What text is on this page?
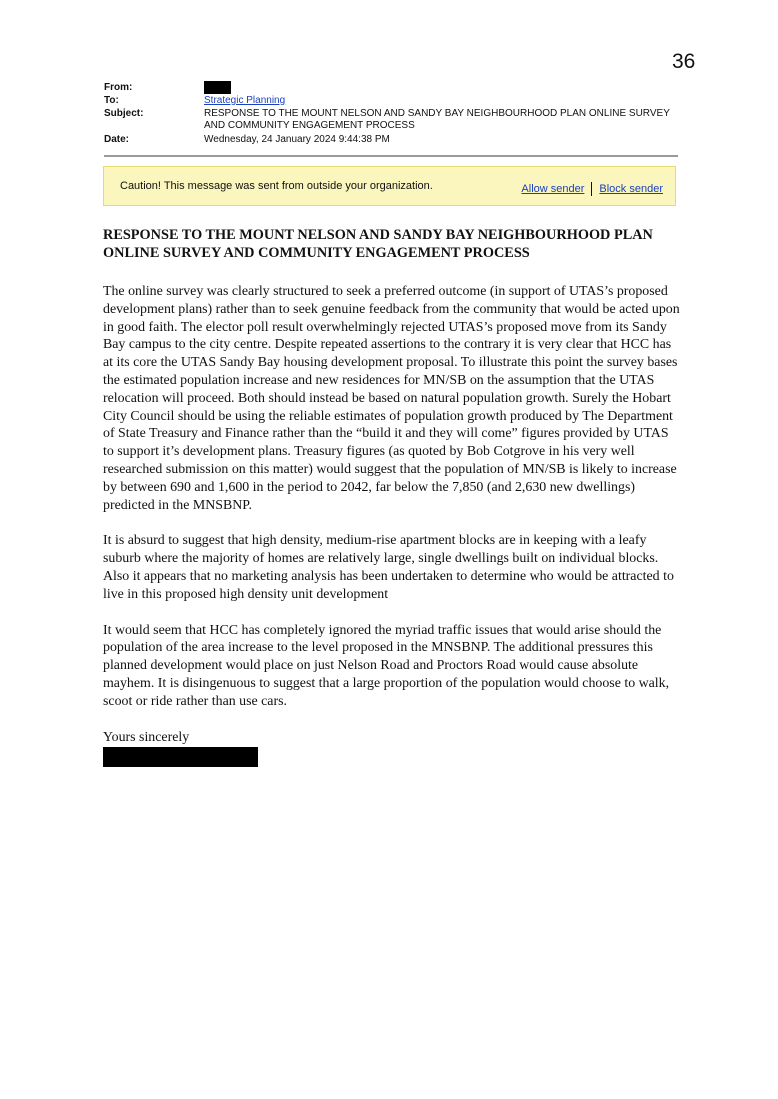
36
From:
To:	Strategic Planning
Subject:	RESPONSE TO THE MOUNT NELSON AND SANDY BAY NEIGHBOURHOOD PLAN ONLINE SURVEY AND COMMUNITY ENGAGEMENT PROCESS
Date:	Wednesday, 24 January 2024 9:44:38 PM
Caution! This message was sent from outside your organization.	Allow sender Block sender

RESPONSE TO THE MOUNT NELSON AND SANDY BAY NEIGHBOURHOOD PLAN ONLINE SURVEY AND COMMUNITY ENGAGEMENT PROCESS

The online survey was clearly structured to seek a preferred outcome (in support of UTAS’s proposed development plans) rather than to seek genuine feedback from the community that would be acted upon in good faith. The elector poll result overwhelmingly rejected UTAS’s proposed move from its Sandy Bay campus to the city centre. Despite repeated assertions to the contrary it is very clear that HCC has at its core the UTAS Sandy Bay housing development proposal. To illustrate this point the survey bases the estimated population increase and new residences for MN/SB on the assumption that the UTAS relocation will proceed. Both should instead be based on natural population growth. Surely the Hobart City Council should be using the reliable estimates of population growth produced by The Department of State Treasury and Finance rather than the “build it and they will come” figures provided by UTAS to support it’s development plans. Treasury figures (as quoted by Bob Cotgrove in his very well researched submission on this matter) would suggest that the population of MN/SB is likely to increase by between 690 and 1,600 in the period to 2042, far below the 7,850 (and 2,630 new dwellings) predicted in the MNSBNP.

It is absurd to suggest that high density, medium-rise apartment blocks are in keeping with a leafy suburb where the majority of homes are relatively large, single dwellings built on individual blocks. Also it appears that no marketing analysis has been undertaken to determine who would be attracted to live in this proposed high density unit development

It would seem that HCC has completely ignored the myriad traffic issues that would arise should the population of the area increase to the level proposed in the MNSBNP. The additional pressures this planned development would place on just Nelson Road and Proctors Road would cause absolute mayhem. It is disingenuous to suggest that a large proportion of the population would choose to walk, scoot or ride rather than use cars.

Yours sincerely
